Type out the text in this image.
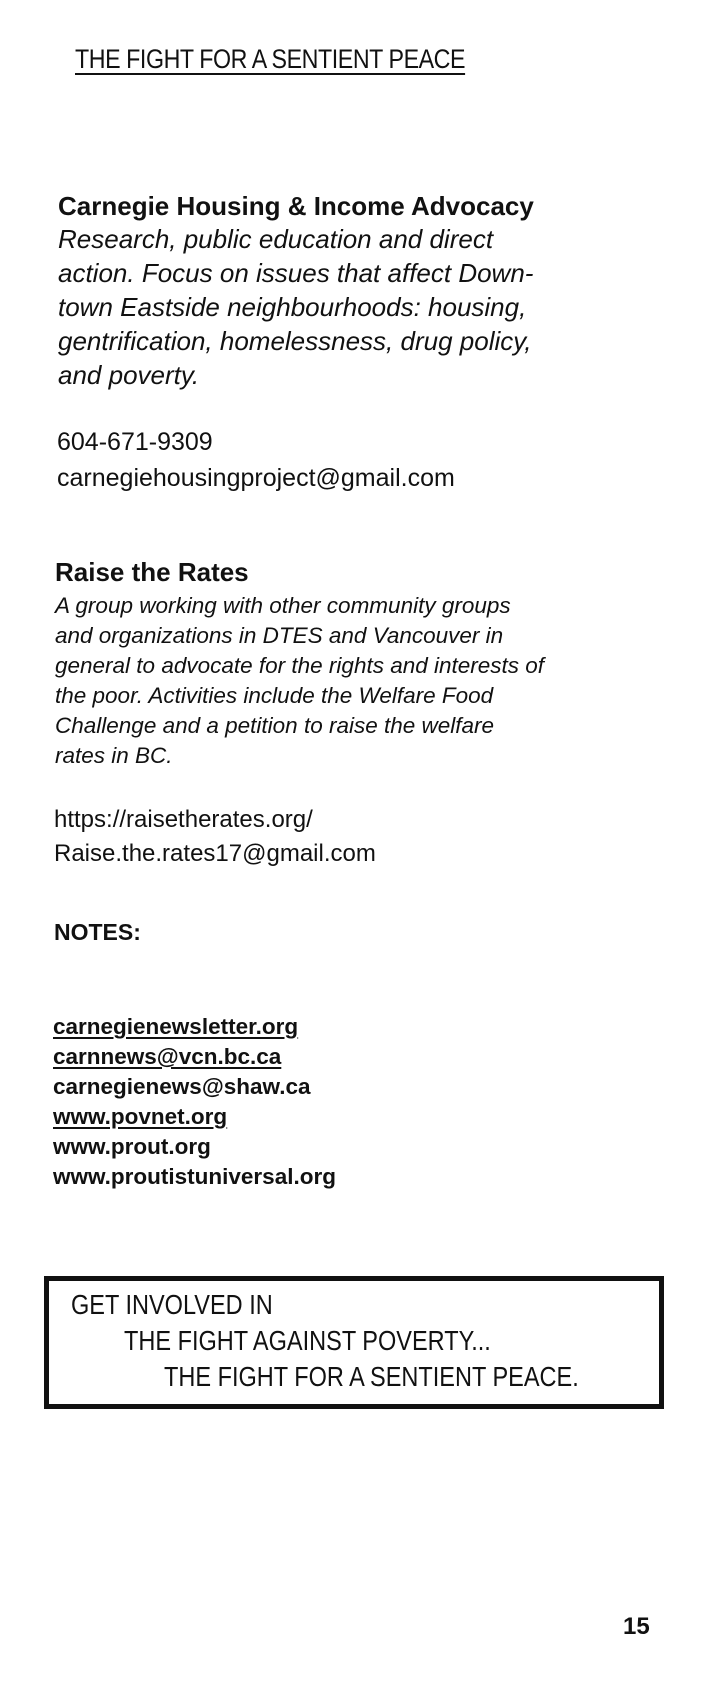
THE FIGHT FOR A SENTIENT PEACE
Carnegie Housing & Income Advocacy
Research, public education and direct
action. Focus on issues that affect Down-
town Eastside neighbourhoods: housing,
gentrification, homelessness, drug policy,
and poverty.
604-671-9309
carnegiehousingproject@gmail.com
Raise the Rates
A group working with other community groups
and organizations in DTES and Vancouver in
general to advocate for the rights and interests of
the poor. Activities include the Welfare Food
Challenge and a petition to raise the welfare
rates in BC.
https://raisetherates.org/
Raise.the.rates17@gmail.com
NOTES:
carnegienewsletter.org
carnnews@vcn.bc.ca
carnegienews@shaw.ca
www.povnet.org
www.prout.org
www.proutistuniversal.org
GET INVOLVED IN
THE FIGHT AGAINST POVERTY...
THE FIGHT FOR A SENTIENT PEACE.
15
